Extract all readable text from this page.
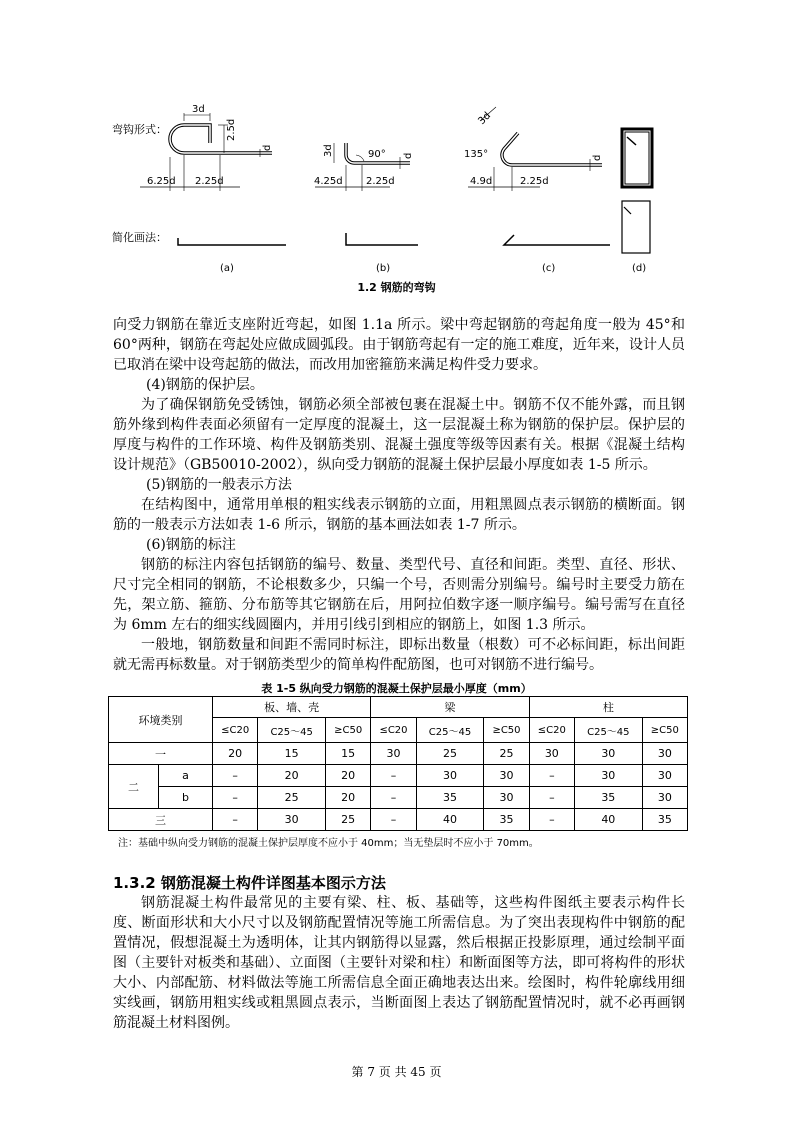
弯钩形式：
简化画法：
3d
2.5d
d
6.25d 2.25d
3d	90° d
4.25d 2.25d
3d
135°	d
4.9d	2.25d
(a)	(b)	(c)	(d)
1.2 钢筋的弯钩

向受力钢筋在靠近支座附近弯起，如图 1.1a 所示。梁中弯起钢筋的弯起角度一般为 45°和 60°两种，钢筋在弯起处应做成圆弧段。由于钢筋弯起有一定的施工难度，近年来，设计人员已取消在梁中设弯起筋的做法，而改用加密箍筋来满足构件受力要求。

(4)钢筋的保护层。

为了确保钢筋免受锈蚀，钢筋必须全部被包裹在混凝土中。钢筋不仅不能外露，而且钢筋外缘到构件表面必须留有一定厚度的混凝土，这一层混凝土称为钢筋的保护层。保护层的厚度与构件的工作环境、构件及钢筋类别、混凝土强度等级等因素有关。根据《混凝土结构设计规范》（GB50010-2002），纵向受力钢筋的混凝土保护层最小厚度如表 1-5 所示。

(5)钢筋的一般表示方法

在结构图中，通常用单根的粗实线表示钢筋的立面，用粗黑圆点表示钢筋的横断面。钢筋的一般表示方法如表 1-6 所示，钢筋的基本画法如表 1-7 所示。

(6)钢筋的标注

钢筋的标注内容包括钢筋的编号、数量、类型代号、直径和间距。类型、直径、形状、尺寸完全相同的钢筋，不论根数多少，只编一个号，否则需分别编号。编号时主要受力筋在先，架立筋、箍筋、分布筋等其它钢筋在后，用阿拉伯数字逐一顺序编号。编号需写在直径为 6mm 左右的细实线圆圈内，并用引线引到相应的钢筋上，如图 1.3 所示。

一般地，钢筋数量和间距不需同时标注，即标出数量（根数）可不必标间距，标出间距就无需再标数量。对于钢筋类型少的简单构件配筋图，也可对钢筋不进行编号。

表 1-5 纵向受力钢筋的混凝土保护层最小厚度（mm）
环境类别		板、墙、壳			梁			柱		
		≤C20	C25～45	≥C50	≤C20	C25～45	≥C50	≤C20	C25～45	≥C50
一		20	15	15	30	25	25	30	30	30
二	a	–	20	20	–	30	30	–	30	30
	b	–	25	20	–	35	30	–	35	30
三		–	30	25	–	40	35	–	40	35
注：基础中纵向受力钢筋的混凝土保护层厚度不应小于 40mm；当无垫层时不应小于 70mm。
1.3.2 钢筋混凝土构件详图基本图示方法

钢筋混凝土构件最常见的主要有梁、柱、板、基础等，这些构件图纸主要表示构件长度、断面形状和大小尺寸以及钢筋配置情况等施工所需信息。为了突出表现构件中钢筋的配置情况，假想混凝土为透明体，让其内钢筋得以显露，然后根据正投影原理，通过绘制平面图（主要针对板类和基础）、立面图（主要针对梁和柱）和断面图等方法，即可将构件的形状大小、内部配筋、材料做法等施工所需信息全面正确地表达出来。绘图时，构件轮廓线用细实线画，钢筋用粗实线或粗黑圆点表示，当断面图上表达了钢筋配置情况时，就不必再画钢筋混凝土材料图例。

第 7 页 共 45 页
